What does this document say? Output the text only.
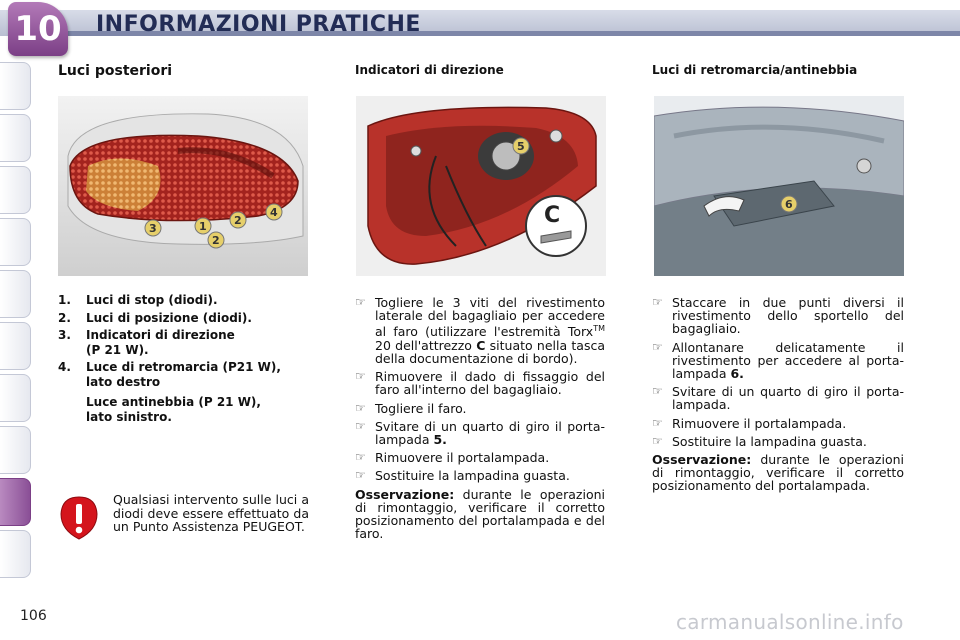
10 INFORMAZIONI PRATICHE
Luci posteriori	Indicatori di direzione	Luci di retromarcia/antinebbia
3	1 2
4
2
5
C	6
1.	Luci di stop (diodi).
2.	Luci di posizione (diodi).
3.	Indicatori di direzione
(P 21 W).
4.	Luce di retromarcia (P21 W),
lato destro
Luce antinebbia (P 21 W),
lato sinistro.
Qualsiasi intervento sulle luci a diodi deve essere effettuato da un Punto Assistenza PEUGEOT.
☞ Togliere le 3 viti del rivestimento laterale del bagagliaio per accedere al faro (utilizzare l'estremità Torx™ 20 dell'attrezzo C situato nella tasca della documentazione di bordo).
☞ Rimuovere il dado di fissaggio del faro all'interno del bagagliaio.
☞ Togliere il faro.
☞ Svitare di un quarto di giro il porta-lampada 5.
☞ Rimuovere il portalampada.
☞ Sostituire la lampadina guasta.
Osservazione: durante le operazioni di rimontaggio, verificare il corretto posizionamento del portalampada e del faro.
☞ Staccare in due punti diversi il rivestimento dello sportello del bagagliaio.
☞ Allontanare delicatamente il rivestimento per accedere al porta-lampada 6.
☞ Svitare di un quarto di giro il porta-lampada.
☞ Rimuovere il portalampada.
☞ Sostituire la lampadina guasta.
Osservazione: durante le operazioni di rimontaggio, verificare il corretto posizionamento del portalampada.
106	carmanualsonline.info
